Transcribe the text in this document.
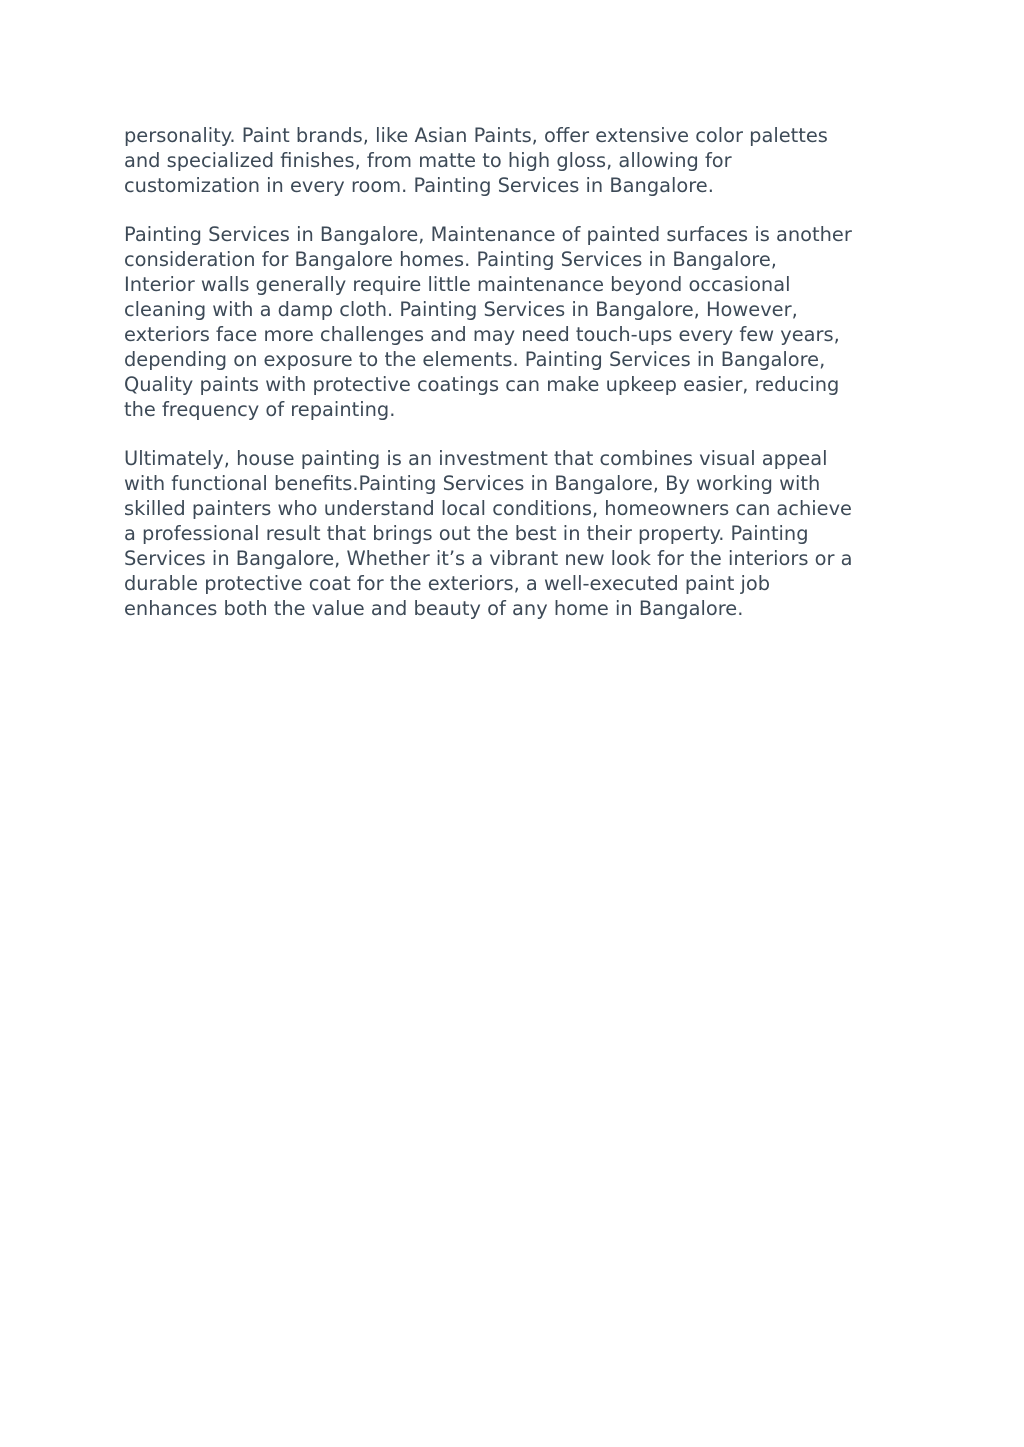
personality. Paint brands, like Asian Paints, offer extensive color palettes
and specialized finishes, from matte to high gloss, allowing for
customization in every room. Painting Services in Bangalore.

Painting Services in Bangalore, Maintenance of painted surfaces is another
consideration for Bangalore homes. Painting Services in Bangalore,
Interior walls generally require little maintenance beyond occasional
cleaning with a damp cloth. Painting Services in Bangalore, However,
exteriors face more challenges and may need touch-ups every few years,
depending on exposure to the elements. Painting Services in Bangalore,
Quality paints with protective coatings can make upkeep easier, reducing
the frequency of repainting.

Ultimately, house painting is an investment that combines visual appeal
with functional benefits.Painting Services in Bangalore, By working with
skilled painters who understand local conditions, homeowners can achieve
a professional result that brings out the best in their property. Painting
Services in Bangalore, Whether it’s a vibrant new look for the interiors or a
durable protective coat for the exteriors, a well-executed paint job
enhances both the value and beauty of any home in Bangalore.
